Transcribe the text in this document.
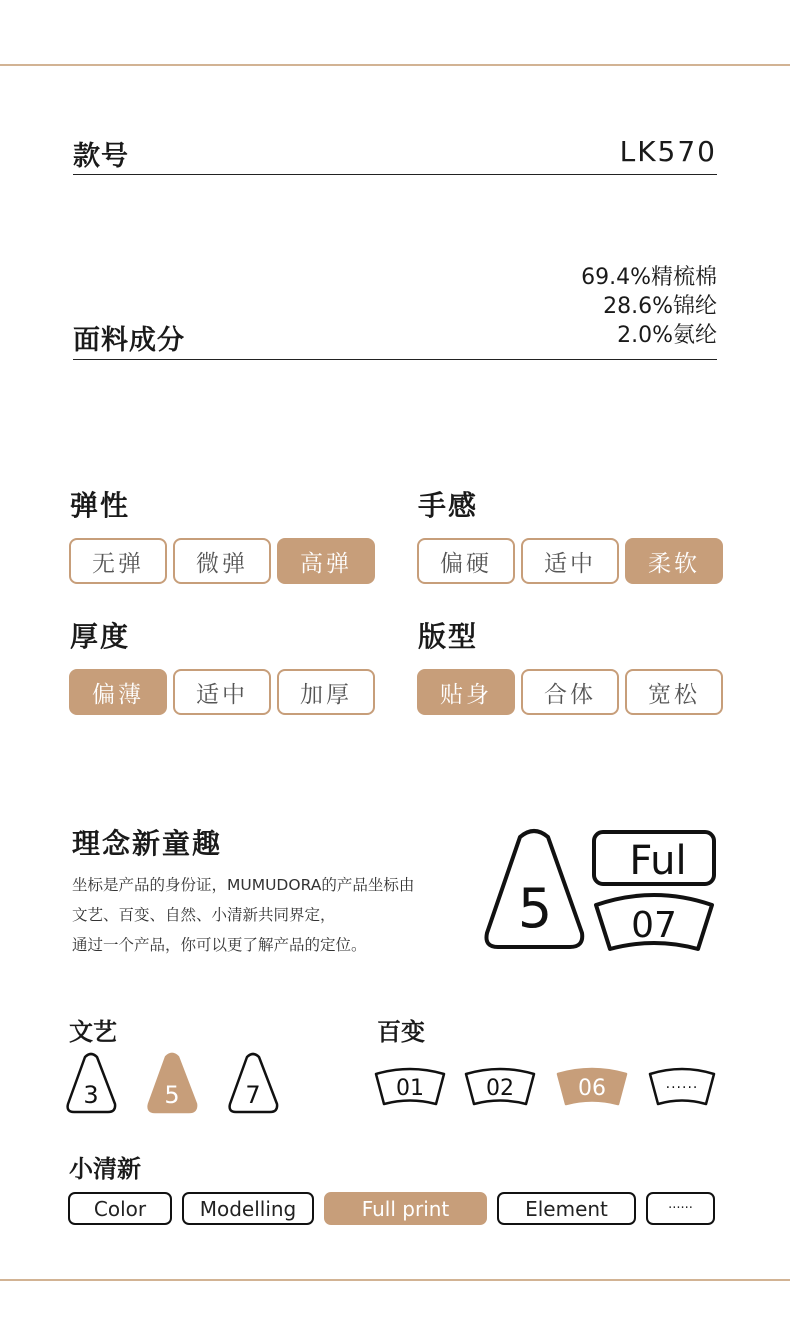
款号	LK570
面料成分
69.4%精梳棉
28.6%锦纶
2.0%氨纶
弹性
无弹	微弹	高弹
手感
偏硬	适中	柔软
厚度
偏薄	适中	加厚
版型
贴身	合体	宽松
理念新童趣
坐标是产品的身份证，MUMUDORA的产品坐标由
文艺、百变、自然、小清新共同界定，
通过一个产品，你可以更了解产品的定位。
5
Ful
07
文艺
3	5	7
百变
01	02	06	······
小清新
Color	Modelling	Full print	Element	······
